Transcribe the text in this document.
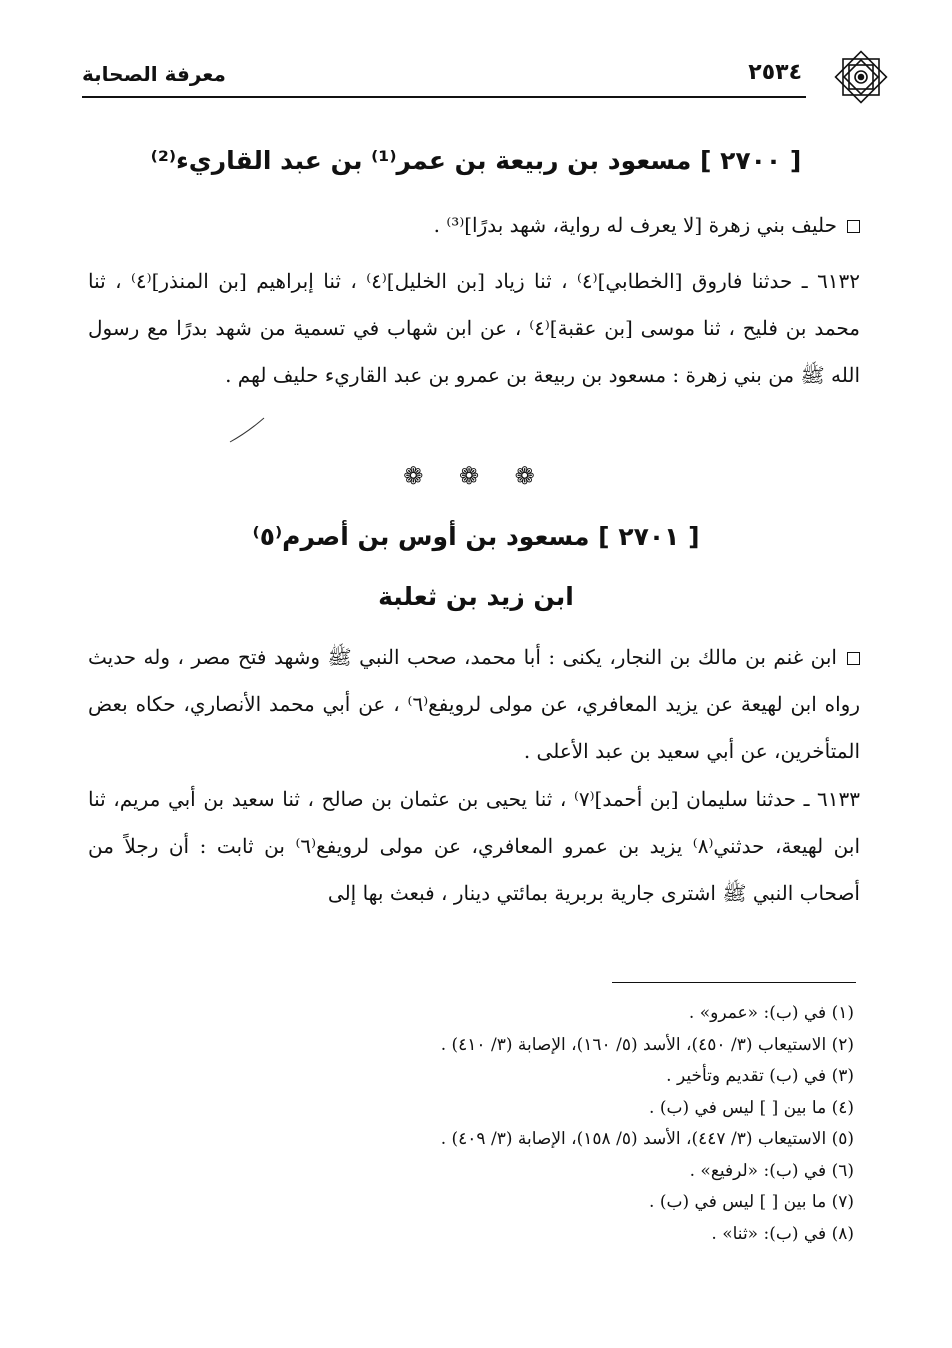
معرفة الصحابة	٢٥٣٤
[ ٢٧٠٠ ] مسعود بن ربيعة بن عمر⁽¹⁾ بن عبد القاريء⁽²⁾
حليف بني زهرة [لا يعرف له رواية، شهد بدرًا]⁽³⁾ .
٦١٣٢ ـ حدثنا فاروق [الخطابي]⁽٤⁾ ، ثنا زياد [بن الخليل]⁽٤⁾ ، ثنا إبراهيم [بن المنذر]⁽٤⁾ ، ثنا محمد بن فليح ، ثنا موسى [بن عقبة]⁽٤⁾ ، عن ابن شهاب في تسمية من شهد بدرًا مع رسول الله ﷺ من بني زهرة : مسعود بن ربيعة بن عمرو بن عبد القاريء حليف لهم .
❁ ❁ ❁
[ ٢٧٠١ ] مسعود بن أوس بن أصرم⁽٥⁾
ابن زيد بن ثعلبة
ابن غنم بن مالك بن النجار، يكنى : أبا محمد، صحب النبي ﷺ وشهد فتح مصر ، وله حديث رواه ابن لهيعة عن يزيد المعافري، عن مولى لرويفع⁽٦⁾ ، عن أبي محمد الأنصاري، حكاه بعض المتأخرين، عن أبي سعيد بن عبد الأعلى .
٦١٣٣ ـ حدثنا سليمان [بن أحمد]⁽٧⁾ ، ثنا يحيى بن عثمان بن صالح ، ثنا سعيد بن أبي مريم، ثنا ابن لهيعة، حدثني⁽٨⁾ يزيد بن عمرو المعافري، عن مولى لرويفع⁽٦⁾ بن ثابت : أن رجلاً من أصحاب النبي ﷺ اشترى جارية بربرية بمائتي دينار ، فبعث بها إلى
(١) في (ب): «عمرو» .
(٢) الاستيعاب (٣/ ٤٥٠)، الأسد (٥/ ١٦٠)، الإصابة (٣/ ٤١٠) .
(٣) في (ب) تقديم وتأخير .
(٤) ما بين [ ] ليس في (ب) .
(٥) الاستيعاب (٣/ ٤٤٧)، الأسد (٥/ ١٥٨)، الإصابة (٣/ ٤٠٩) .
(٦) في (ب): «لرفيع» .
(٧) ما بين [ ] ليس في (ب) .
(٨) في (ب): «ثنا» .
